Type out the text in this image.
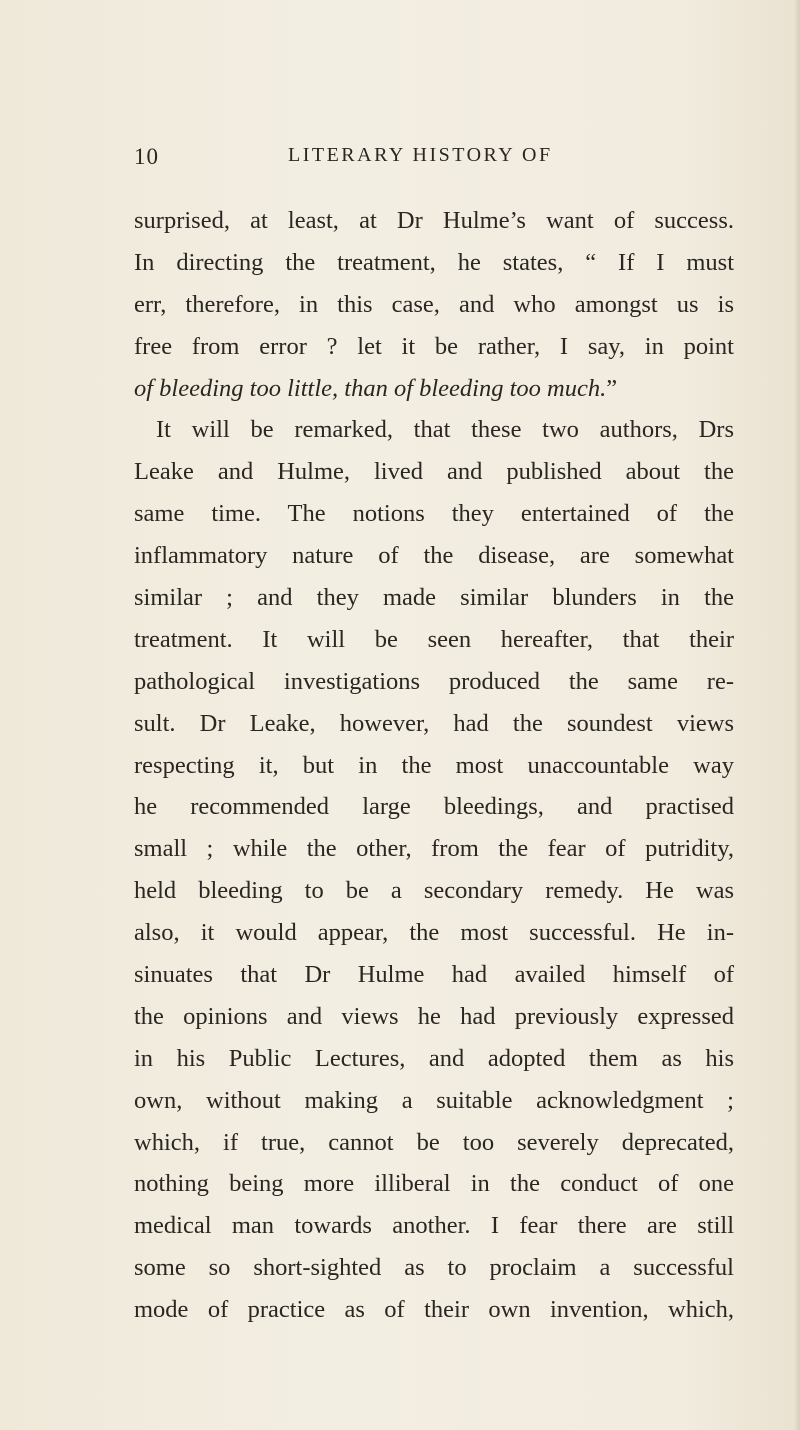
10	LITERARY HISTORY OF
surprised, at least, at Dr Hulme’s want of success.
In directing the treatment, he states, “ If I must
err, therefore, in this case, and who amongst us is
free from error ? let it be rather, I say, in point
of bleeding too little, than of bleeding too much.”
It will be remarked, that these two authors, Drs
Leake and Hulme, lived and published about the
same time. The notions they entertained of the
inflammatory nature of the disease, are somewhat
similar ; and they made similar blunders in the
treatment. It will be seen hereafter, that their
pathological investigations produced the same re-
sult. Dr Leake, however, had the soundest views
respecting it, but in the most unaccountable way
he recommended large bleedings, and practised
small ; while the other, from the fear of putridity,
held bleeding to be a secondary remedy. He was
also, it would appear, the most successful. He in-
sinuates that Dr Hulme had availed himself of
the opinions and views he had previously expressed
in his Public Lectures, and adopted them as his
own, without making a suitable acknowledgment ;
which, if true, cannot be too severely deprecated,
nothing being more illiberal in the conduct of one
medical man towards another. I fear there are still
some so short-sighted as to proclaim a successful
mode of practice as of their own invention, which,
